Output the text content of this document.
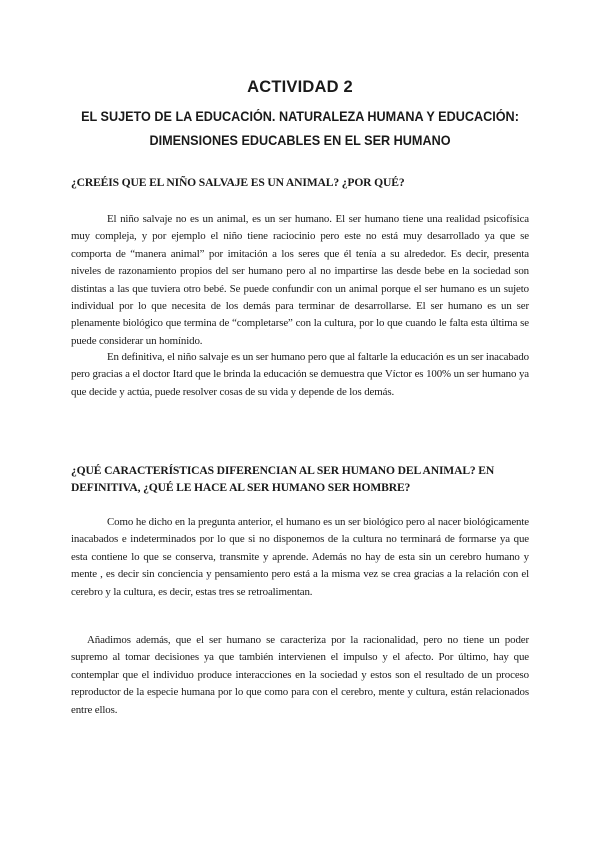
ACTIVIDAD 2
EL SUJETO DE LA EDUCACIÓN. NATURALEZA HUMANA Y EDUCACIÓN: DIMENSIONES EDUCABLES EN EL SER HUMANO
¿CREÉIS QUE EL NIÑO SALVAJE ES UN ANIMAL? ¿POR QUÉ?

El niño salvaje no es un animal, es un ser humano. El ser humano tiene una realidad psicofísica muy compleja, y por ejemplo el niño tiene raciocinio pero este no está muy desarrollado ya que se comporta de “manera animal” por imitación a los seres que él tenía a su alrededor. Es decir, presenta niveles de razonamiento propios del ser humano pero al no impartirse las desde bebe en la sociedad son distintas a las que tuviera otro bebé. Se puede confundir con un animal porque el ser humano es un sujeto individual por lo que necesita de los demás para terminar de desarrollarse. El ser humano es un ser plenamente biológico que termina de “completarse” con la cultura, por lo que cuando le falta esta última se puede considerar un homínido.

En definitiva, el niño salvaje es un ser humano pero que al faltarle la educación es un ser inacabado pero gracias a el doctor Itard que le brinda la educación se demuestra que Víctor es 100% un ser humano ya que decide y actúa, puede resolver cosas de su vida y depende de los demás.

¿QUÉ CARACTERÍSTICAS DIFERENCIAN AL SER HUMANO DEL ANIMAL? EN DEFINITIVA, ¿QUÉ LE HACE AL SER HUMANO SER HOMBRE?

Como he dicho en la pregunta anterior, el humano es un ser biológico pero al nacer biológicamente inacabados e indeterminados por lo que si no disponemos de la cultura no terminará de formarse ya que esta contiene lo que se conserva, transmite y aprende. Además no hay de esta sin un cerebro humano y mente , es decir sin conciencia y pensamiento pero está a la misma vez se crea gracias a la relación con el cerebro y la cultura, es decir, estas tres se retroalimentan.

Añadimos además, que el ser humano se caracteriza por la racionalidad, pero no tiene un poder supremo al tomar decisiones ya que también intervienen el impulso y el afecto. Por último, hay que contemplar que el individuo produce interacciones en la sociedad y estos son el resultado de un proceso reproductor de la especie humana por lo que como para con el cerebro, mente y cultura, están relacionados entre ellos.
